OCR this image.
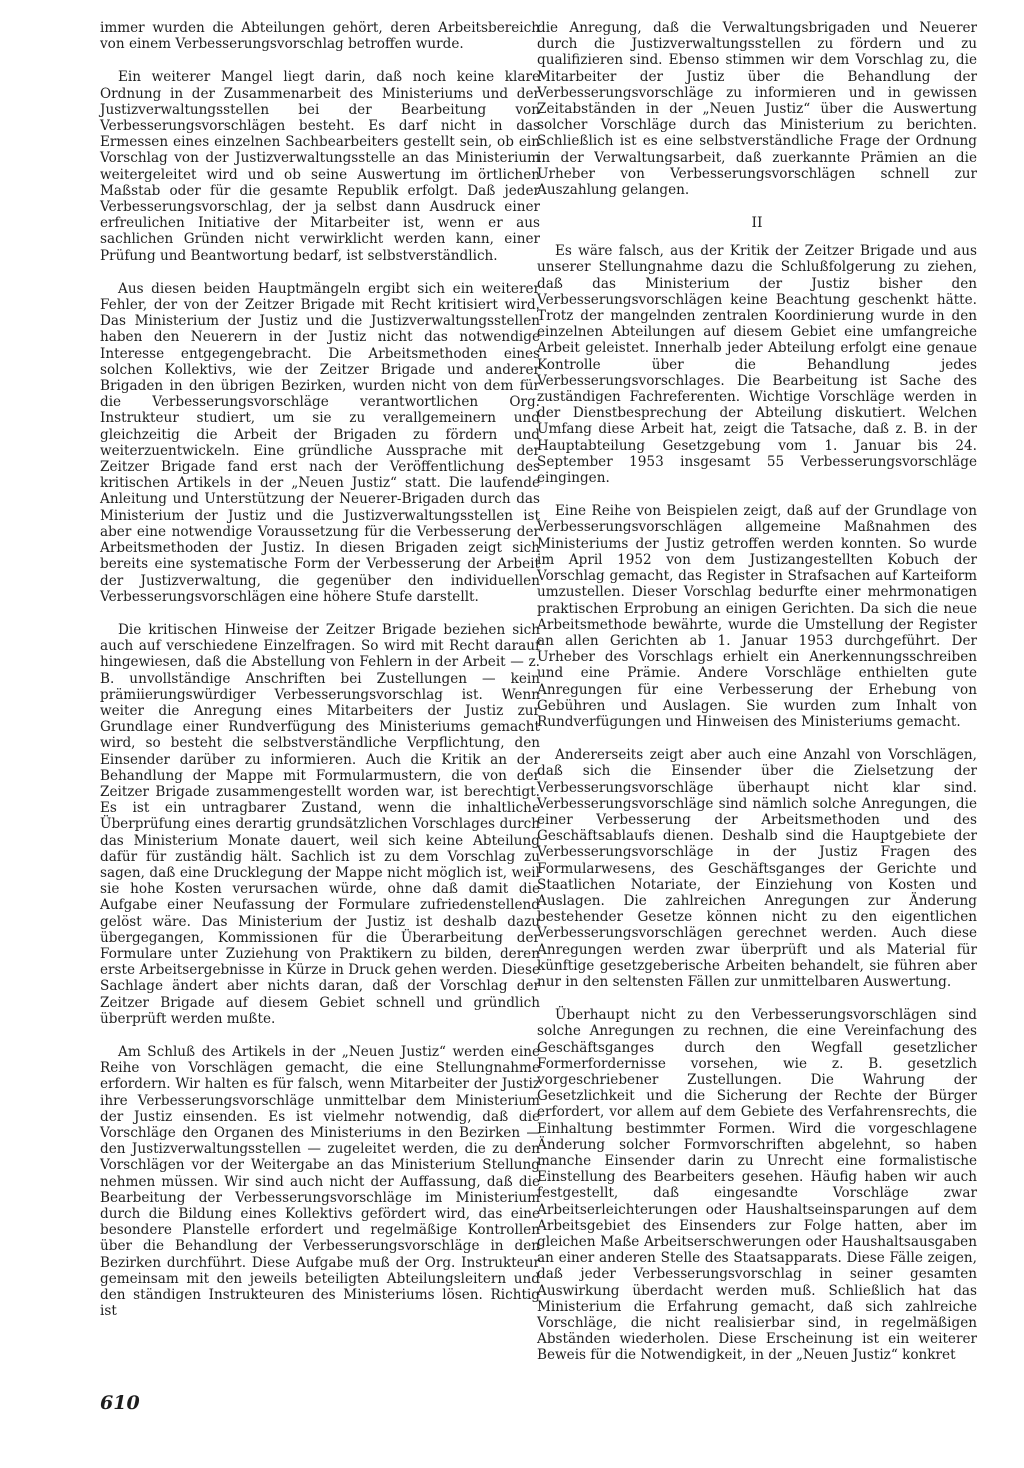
immer wurden die Abteilungen gehört, deren Arbeitsbereich von einem Verbesserungsvorschlag betroffen wurde.

Ein weiterer Mangel liegt darin, daß noch keine klare Ordnung in der Zusammenarbeit des Ministeriums und der Justizverwaltungsstellen bei der Bearbeitung von Verbesserungsvorschlägen besteht. Es darf nicht in das Ermessen eines einzelnen Sachbearbeiters gestellt sein, ob ein Vorschlag von der Justizverwaltungsstelle an das Ministerium weitergeleitet wird und ob seine Auswertung im örtlichen Maßstab oder für die gesamte Republik erfolgt. Daß jeder Verbesserungsvorschlag, der ja selbst dann Ausdruck einer erfreulichen Initiative der Mitarbeiter ist, wenn er aus sachlichen Gründen nicht verwirklicht werden kann, einer Prüfung und Beantwortung bedarf, ist selbstverständlich.

Aus diesen beiden Hauptmängeln ergibt sich ein weiterer Fehler, der von der Zeitzer Brigade mit Recht kritisiert wird. Das Ministerium der Justiz und die Justizverwaltungsstellen haben den Neuerern in der Justiz nicht das notwendige Interesse entgegengebracht. Die Arbeitsmethoden eines solchen Kollektivs, wie der Zeitzer Brigade und anderer Brigaden in den übrigen Bezirken, wurden nicht von dem für die Verbesserungsvorschläge verantwortlichen Org. Instrukteur studiert, um sie zu verallgemeinern und gleichzeitig die Arbeit der Brigaden zu fördern und weiterzuentwickeln. Eine gründliche Aussprache mit der Zeitzer Brigade fand erst nach der Veröffentlichung des kritischen Artikels in der „Neuen Justiz“ statt. Die laufende Anleitung und Unterstützung der Neuerer-Brigaden durch das Ministerium der Justiz und die Justizverwaltungsstellen ist aber eine notwendige Voraussetzung für die Verbesserung der Arbeitsmethoden der Justiz. In diesen Brigaden zeigt sich bereits eine systematische Form der Verbesserung der Arbeit der Justizverwaltung, die gegenüber den individuellen Verbesserungsvorschlägen eine höhere Stufe darstellt.

Die kritischen Hinweise der Zeitzer Brigade beziehen sich auch auf verschiedene Einzelfragen. So wird mit Recht darauf hingewiesen, daß die Abstellung von Fehlern in der Arbeit — z. B. unvollständige Anschriften bei Zustellungen — kein prämiierungswürdiger Verbesserungsvorschlag ist. Wenn weiter die Anregung eines Mitarbeiters der Justiz zur Grundlage einer Rundverfügung des Ministeriums gemacht wird, so besteht die selbstverständliche Verpflichtung, den Einsender darüber zu informieren. Auch die Kritik an der Behandlung der Mappe mit Formularmustern, die von der Zeitzer Brigade zusammengestellt worden war, ist berechtigt. Es ist ein untragbarer Zustand, wenn die inhaltliche Überprüfung eines derartig grundsätzlichen Vorschlages durch das Ministerium Monate dauert, weil sich keine Abteilung dafür für zuständig hält. Sachlich ist zu dem Vorschlag zu sagen, daß eine Drucklegung der Mappe nicht möglich ist, weil sie hohe Kosten verursachen würde, ohne daß damit die Aufgabe einer Neufassung der Formulare zufriedenstellend gelöst wäre. Das Ministerium der Justiz ist deshalb dazu übergegangen, Kommissionen für die Überarbeitung der Formulare unter Zuziehung von Praktikern zu bilden, deren erste Arbeitsergebnisse in Kürze in Druck gehen werden. Diese Sachlage ändert aber nichts daran, daß der Vorschlag der Zeitzer Brigade auf diesem Gebiet schnell und gründlich überprüft werden mußte.

Am Schluß des Artikels in der „Neuen Justiz“ werden eine Reihe von Vorschlägen gemacht, die eine Stellungnahme erfordern. Wir halten es für falsch, wenn Mitarbeiter der Justiz ihre Verbesserungsvorschläge unmittelbar dem Ministerium der Justiz einsenden. Es ist vielmehr notwendig, daß die Vorschläge den Organen des Ministeriums in den Bezirken — den Justizverwaltungsstellen — zugeleitet werden, die zu den Vorschlägen vor der Weitergabe an das Ministerium Stellung nehmen müssen. Wir sind auch nicht der Auffassung, daß die Bearbeitung der Verbesserungsvorschläge im Ministerium durch die Bildung eines Kollektivs gefördert wird, das eine besondere Planstelle erfordert und regelmäßige Kontrollen über die Behandlung der Verbesserungsvorschläge in den Bezirken durchführt. Diese Aufgabe muß der Org. Instrukteur gemeinsam mit den jeweils beteiligten Abteilungsleitern und den ständigen Instrukteuren des Ministeriums lösen. Richtig ist

die Anregung, daß die Verwaltungsbrigaden und Neuerer durch die Justizverwaltungsstellen zu fördern und zu qualifizieren sind. Ebenso stimmen wir dem Vorschlag zu, die Mitarbeiter der Justiz über die Behandlung der Verbesserungsvorschläge zu informieren und in gewissen Zeitabständen in der „Neuen Justiz“ über die Auswertung solcher Vorschläge durch das Ministerium zu berichten. Schließlich ist es eine selbstverständliche Frage der Ordnung in der Verwaltungsarbeit, daß zuerkannte Prämien an die Urheber von Verbesserungsvorschlägen schnell zur Auszahlung gelangen.

II

Es wäre falsch, aus der Kritik der Zeitzer Brigade und aus unserer Stellungnahme dazu die Schlußfolgerung zu ziehen, daß das Ministerium der Justiz bisher den Verbesserungsvorschlägen keine Beachtung geschenkt hätte. Trotz der mangelnden zentralen Koordinierung wurde in den einzelnen Abteilungen auf diesem Gebiet eine umfangreiche Arbeit geleistet. Innerhalb jeder Abteilung erfolgt eine genaue Kontrolle über die Behandlung jedes Verbesserungsvorschlages. Die Bearbeitung ist Sache des zuständigen Fachreferenten. Wichtige Vorschläge werden in der Dienstbesprechung der Abteilung diskutiert. Welchen Umfang diese Arbeit hat, zeigt die Tatsache, daß z. B. in der Hauptabteilung Gesetzgebung vom 1. Januar bis 24. September 1953 insgesamt 55 Verbesserungsvorschläge eingingen.

Eine Reihe von Beispielen zeigt, daß auf der Grundlage von Verbesserungsvorschlägen allgemeine Maßnahmen des Ministeriums der Justiz getroffen werden konnten. So wurde im April 1952 von dem Justizangestellten Kobuch der Vorschlag gemacht, das Register in Strafsachen auf Karteiform umzustellen. Dieser Vorschlag bedurfte einer mehrmonatigen praktischen Erprobung an einigen Gerichten. Da sich die neue Arbeitsmethode bewährte, wurde die Umstellung der Register an allen Gerichten ab 1. Januar 1953 durchgeführt. Der Urheber des Vorschlags erhielt ein Anerkennungsschreiben und eine Prämie. Andere Vorschläge enthielten gute Anregungen für eine Verbesserung der Erhebung von Gebühren und Auslagen. Sie wurden zum Inhalt von Rundverfügungen und Hinweisen des Ministeriums gemacht.

Andererseits zeigt aber auch eine Anzahl von Vorschlägen, daß sich die Einsender über die Zielsetzung der Verbesserungsvorschläge überhaupt nicht klar sind. Verbesserungsvorschläge sind nämlich solche Anregungen, die einer Verbesserung der Arbeitsmethoden und des Geschäftsablaufs dienen. Deshalb sind die Hauptgebiete der Verbesserungsvorschläge in der Justiz Fragen des Formularwesens, des Geschäftsganges der Gerichte und Staatlichen Notariate, der Einziehung von Kosten und Auslagen. Die zahlreichen Anregungen zur Änderung bestehender Gesetze können nicht zu den eigentlichen Verbesserungsvorschlägen gerechnet werden. Auch diese Anregungen werden zwar überprüft und als Material für künftige gesetzgeberische Arbeiten behandelt, sie führen aber nur in den seltensten Fällen zur unmittelbaren Auswertung.

Überhaupt nicht zu den Verbesserungsvorschlägen sind solche Anregungen zu rechnen, die eine Vereinfachung des Geschäftsganges durch den Wegfall gesetzlicher Formerfordernisse vorsehen, wie z. B. gesetzlich vorgeschriebener Zustellungen. Die Wahrung der Gesetzlichkeit und die Sicherung der Rechte der Bürger erfordert, vor allem auf dem Gebiete des Verfahrensrechts, die Einhaltung bestimmter Formen. Wird die vorgeschlagene Änderung solcher Formvorschriften abgelehnt, so haben manche Einsender darin zu Unrecht eine formalistische Einstellung des Bearbeiters gesehen. Häufig haben wir auch festgestellt, daß eingesandte Vorschläge zwar Arbeitserleichterungen oder Haushaltseinsparungen auf dem Arbeitsgebiet des Einsenders zur Folge hatten, aber im gleichen Maße Arbeitserschwerungen oder Haushaltsausgaben an einer anderen Stelle des Staatsapparats. Diese Fälle zeigen, daß jeder Verbesserungsvorschlag in seiner gesamten Auswirkung überdacht werden muß. Schließlich hat das Ministerium die Erfahrung gemacht, daß sich zahlreiche Vorschläge, die nicht realisierbar sind, in regelmäßigen Abständen wiederholen. Diese Erscheinung ist ein weiterer Beweis für die Notwendigkeit, in der „Neuen Justiz“ konkret

610
